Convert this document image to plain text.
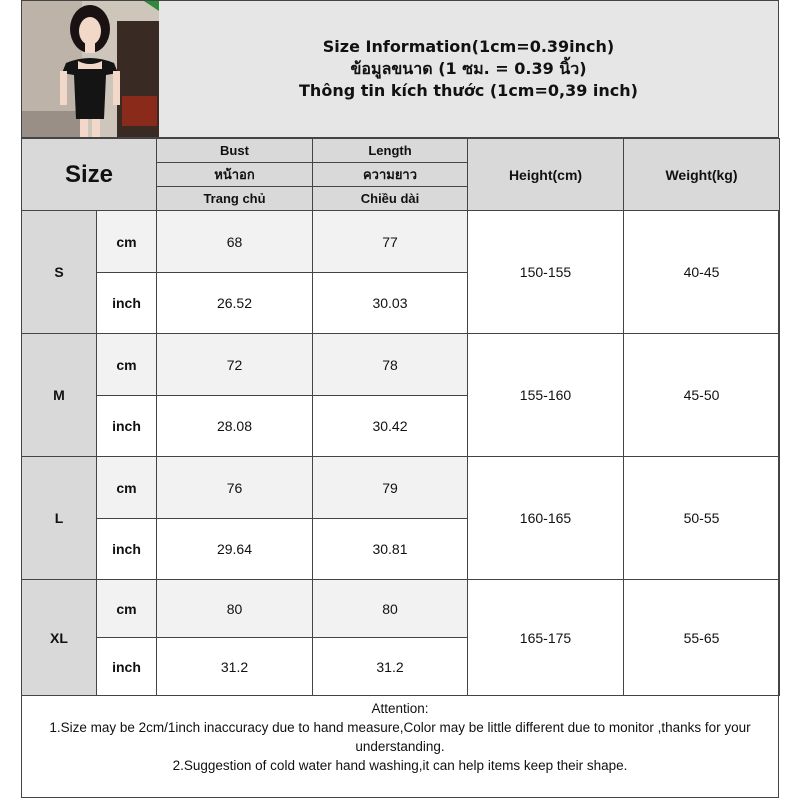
Size Information(1cm=0.39inch)
ข้อมูลขนาด (1 ซม. = 0.39 นิ้ว)
Thông tin kích thước (1cm=0,39 inch)
Size		Bust	Length	Height(cm)	Weight(kg)
		หน้าอก	ความยาว		
		Trang chủ	Chiều dài		
S	cm	68	77	150-155	40-45
	inch	26.52	30.03		
M	cm	72	78	155-160	45-50
	inch	28.08	30.42		
L	cm	76	79	160-165	50-55
	inch	29.64	30.81		
XL	cm	80	80	165-175	55-65
	inch	31.2	31.2		
Attention:
1.Size may be 2cm/1inch inaccuracy due to hand measure,Color may be little different due to monitor ,thanks for your
understanding.
2.Suggestion of cold water hand washing,it can help items keep their shape.
